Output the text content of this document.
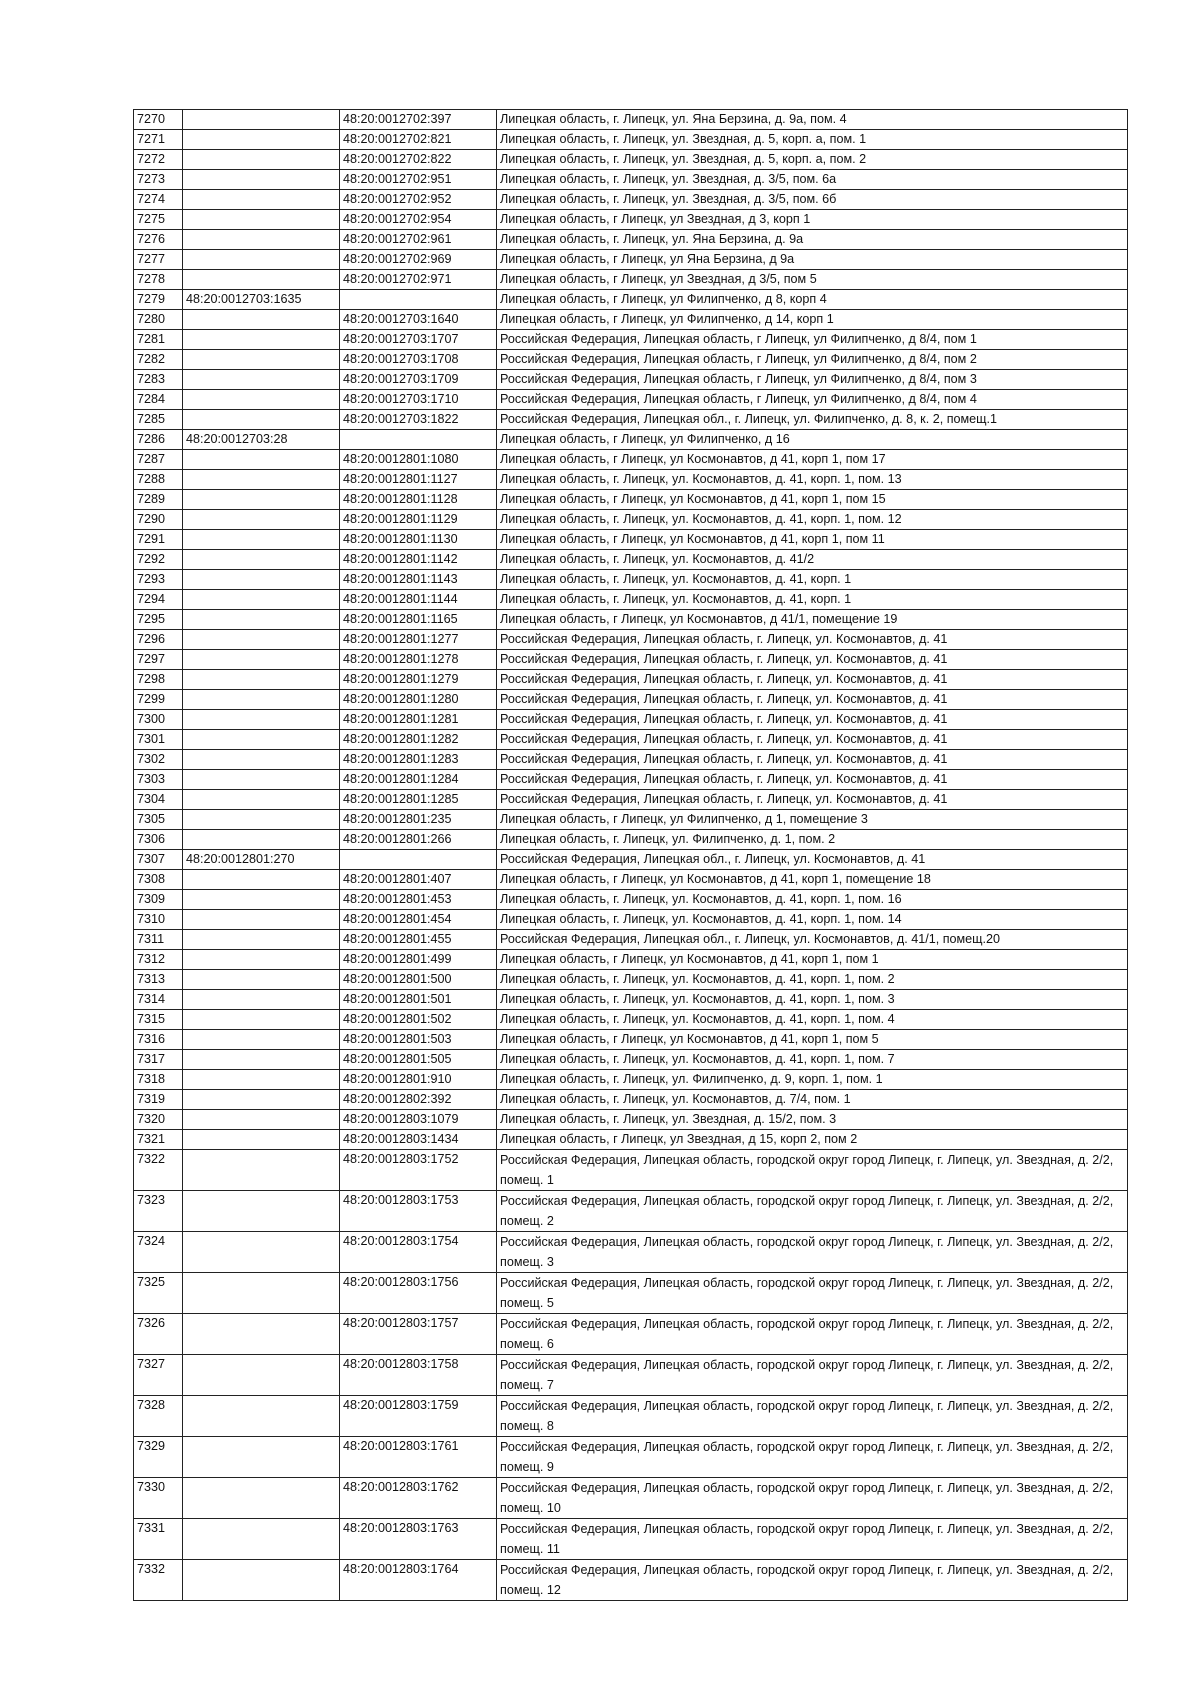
7270		48:20:0012702:397	Липецкая область, г. Липецк, ул. Яна Берзина, д. 9а, пом. 4
7271		48:20:0012702:821	Липецкая область, г. Липецк, ул. Звездная, д. 5, корп. а, пом. 1
7272		48:20:0012702:822	Липецкая область, г. Липецк, ул. Звездная, д. 5, корп. а, пом. 2
7273		48:20:0012702:951	Липецкая область, г. Липецк, ул. Звездная, д. 3/5, пом. 6а
7274		48:20:0012702:952	Липецкая область, г. Липецк, ул. Звездная, д. 3/5, пом. 6б
7275		48:20:0012702:954	Липецкая область, г Липецк, ул Звездная, д 3, корп 1
7276		48:20:0012702:961	Липецкая область, г. Липецк, ул. Яна Берзина, д. 9а
7277		48:20:0012702:969	Липецкая область, г Липецк, ул Яна Берзина, д 9а
7278		48:20:0012702:971	Липецкая область, г Липецк, ул Звездная, д 3/5, пом 5
7279	48:20:0012703:1635		Липецкая область, г Липецк, ул Филипченко, д 8, корп 4
7280		48:20:0012703:1640	Липецкая область, г Липецк, ул Филипченко, д 14, корп 1
7281		48:20:0012703:1707	Российская Федерация, Липецкая область, г Липецк, ул Филипченко, д 8/4, пом 1
7282		48:20:0012703:1708	Российская Федерация, Липецкая область, г Липецк, ул Филипченко, д 8/4, пом 2
7283		48:20:0012703:1709	Российская Федерация, Липецкая область, г Липецк, ул Филипченко, д 8/4, пом 3
7284		48:20:0012703:1710	Российская Федерация, Липецкая область, г Липецк, ул Филипченко, д 8/4, пом 4
7285		48:20:0012703:1822	Российская Федерация, Липецкая обл., г. Липецк, ул. Филипченко, д. 8, к. 2, помещ.1
7286	48:20:0012703:28		Липецкая область, г Липецк, ул Филипченко, д 16
7287		48:20:0012801:1080	Липецкая область, г Липецк, ул Космонавтов, д 41, корп 1, пом 17
7288		48:20:0012801:1127	Липецкая область, г. Липецк, ул. Космонавтов, д. 41, корп. 1, пом. 13
7289		48:20:0012801:1128	Липецкая область, г Липецк, ул Космонавтов, д 41, корп 1, пом 15
7290		48:20:0012801:1129	Липецкая область, г. Липецк, ул. Космонавтов, д. 41, корп. 1, пом. 12
7291		48:20:0012801:1130	Липецкая область, г Липецк, ул Космонавтов, д 41, корп 1, пом 11
7292		48:20:0012801:1142	Липецкая область, г. Липецк, ул. Космонавтов, д. 41/2
7293		48:20:0012801:1143	Липецкая область, г. Липецк, ул. Космонавтов, д. 41, корп. 1
7294		48:20:0012801:1144	Липецкая область, г. Липецк, ул. Космонавтов, д. 41, корп. 1
7295		48:20:0012801:1165	Липецкая область, г Липецк, ул Космонавтов, д 41/1, помещение 19
7296		48:20:0012801:1277	Российская Федерация, Липецкая область, г. Липецк, ул. Космонавтов, д. 41
7297		48:20:0012801:1278	Российская Федерация, Липецкая область, г. Липецк, ул. Космонавтов, д. 41
7298		48:20:0012801:1279	Российская Федерация, Липецкая область, г. Липецк, ул. Космонавтов, д. 41
7299		48:20:0012801:1280	Российская Федерация, Липецкая область, г. Липецк, ул. Космонавтов, д. 41
7300		48:20:0012801:1281	Российская Федерация, Липецкая область, г. Липецк, ул. Космонавтов, д. 41
7301		48:20:0012801:1282	Российская Федерация, Липецкая область, г. Липецк, ул. Космонавтов, д. 41
7302		48:20:0012801:1283	Российская Федерация, Липецкая область, г. Липецк, ул. Космонавтов, д. 41
7303		48:20:0012801:1284	Российская Федерация, Липецкая область, г. Липецк, ул. Космонавтов, д. 41
7304		48:20:0012801:1285	Российская Федерация, Липецкая область, г. Липецк, ул. Космонавтов, д. 41
7305		48:20:0012801:235	Липецкая область, г Липецк, ул Филипченко, д 1, помещение 3
7306		48:20:0012801:266	Липецкая область, г. Липецк, ул. Филипченко, д. 1, пом. 2
7307	48:20:0012801:270		Российская Федерация, Липецкая обл., г. Липецк, ул. Космонавтов, д. 41
7308		48:20:0012801:407	Липецкая область, г Липецк, ул Космонавтов, д 41, корп 1, помещение 18
7309		48:20:0012801:453	Липецкая область, г. Липецк, ул. Космонавтов, д. 41, корп. 1, пом. 16
7310		48:20:0012801:454	Липецкая область, г. Липецк, ул. Космонавтов, д. 41, корп. 1, пом. 14
7311		48:20:0012801:455	Российская Федерация, Липецкая обл., г. Липецк, ул. Космонавтов, д. 41/1, помещ.20
7312		48:20:0012801:499	Липецкая область, г Липецк, ул Космонавтов, д 41, корп 1, пом 1
7313		48:20:0012801:500	Липецкая область, г. Липецк, ул. Космонавтов, д. 41, корп. 1, пом. 2
7314		48:20:0012801:501	Липецкая область, г. Липецк, ул. Космонавтов, д. 41, корп. 1, пом. 3
7315		48:20:0012801:502	Липецкая область, г. Липецк, ул. Космонавтов, д. 41, корп. 1, пом. 4
7316		48:20:0012801:503	Липецкая область, г Липецк, ул Космонавтов, д 41, корп 1, пом 5
7317		48:20:0012801:505	Липецкая область, г. Липецк, ул. Космонавтов, д. 41, корп. 1, пом. 7
7318		48:20:0012801:910	Липецкая область, г. Липецк, ул. Филипченко, д. 9, корп. 1, пом. 1
7319		48:20:0012802:392	Липецкая область, г. Липецк, ул. Космонавтов, д. 7/4, пом. 1
7320		48:20:0012803:1079	Липецкая область, г. Липецк, ул. Звездная, д. 15/2, пом. 3
7321		48:20:0012803:1434	Липецкая область, г Липецк, ул Звездная, д 15, корп 2, пом 2
7322		48:20:0012803:1752	Российская Федерация, Липецкая область, городской округ город Липецк, г. Липецк, ул. Звездная, д. 2/2, помещ. 1
7323		48:20:0012803:1753	Российская Федерация, Липецкая область, городской округ город Липецк, г. Липецк, ул. Звездная, д. 2/2, помещ. 2
7324		48:20:0012803:1754	Российская Федерация, Липецкая область, городской округ город Липецк, г. Липецк, ул. Звездная, д. 2/2, помещ. 3
7325		48:20:0012803:1756	Российская Федерация, Липецкая область, городской округ город Липецк, г. Липецк, ул. Звездная, д. 2/2, помещ. 5
7326		48:20:0012803:1757	Российская Федерация, Липецкая область, городской округ город Липецк, г. Липецк, ул. Звездная, д. 2/2, помещ. 6
7327		48:20:0012803:1758	Российская Федерация, Липецкая область, городской округ город Липецк, г. Липецк, ул. Звездная, д. 2/2, помещ. 7
7328		48:20:0012803:1759	Российская Федерация, Липецкая область, городской округ город Липецк, г. Липецк, ул. Звездная, д. 2/2, помещ. 8
7329		48:20:0012803:1761	Российская Федерация, Липецкая область, городской округ город Липецк, г. Липецк, ул. Звездная, д. 2/2, помещ. 9
7330		48:20:0012803:1762	Российская Федерация, Липецкая область, городской округ город Липецк, г. Липецк, ул. Звездная, д. 2/2, помещ. 10
7331		48:20:0012803:1763	Российская Федерация, Липецкая область, городской округ город Липецк, г. Липецк, ул. Звездная, д. 2/2, помещ. 11
7332		48:20:0012803:1764	Российская Федерация, Липецкая область, городской округ город Липецк, г. Липецк, ул. Звездная, д. 2/2, помещ. 12
